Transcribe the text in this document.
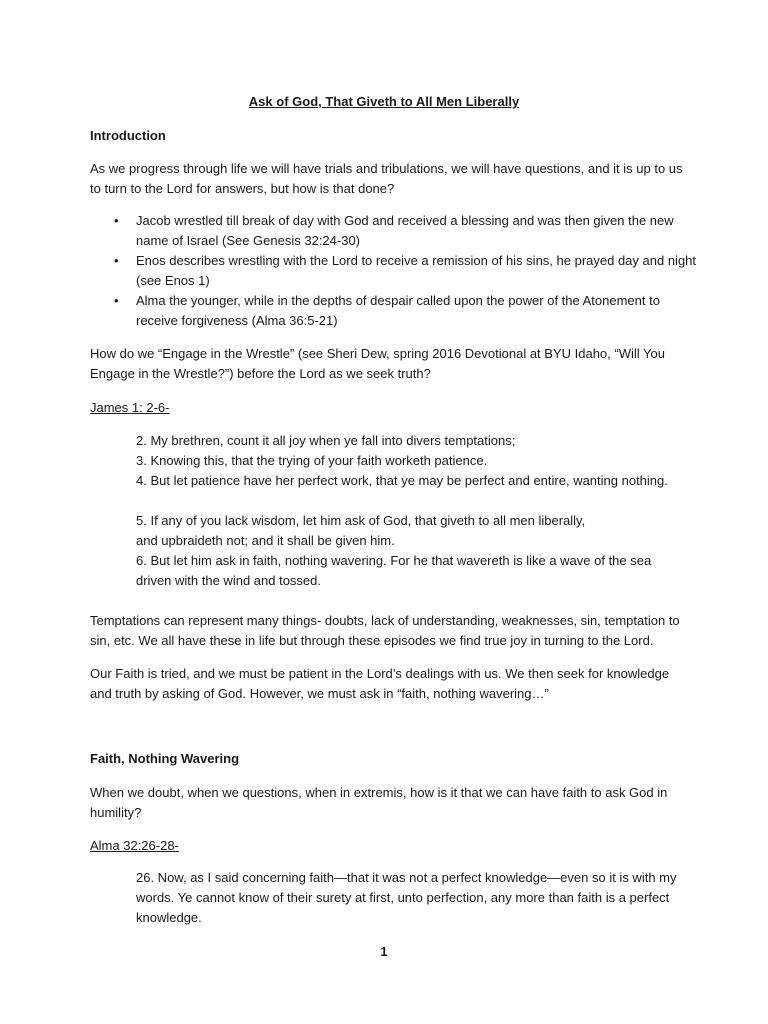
Ask of God, That Giveth to All Men Liberally
Introduction
As we progress through life we will have trials and tribulations, we will have questions, and it is up to us
to turn to the Lord for answers, but how is that done?
• Jacob wrestled till break of day with God and received a blessing and was then given the new
name of Israel (See Genesis 32:24-30)
• Enos describes wrestling with the Lord to receive a remission of his sins, he prayed day and night
(see Enos 1)
• Alma the younger, while in the depths of despair called upon the power of the Atonement to
receive forgiveness (Alma 36:5-21)
How do we “Engage in the Wrestle” (see Sheri Dew, spring 2016 Devotional at BYU Idaho, “Will You
Engage in the Wrestle?”) before the Lord as we seek truth?
James 1: 2-6-
2. My brethren, count it all joy when ye fall into divers temptations;
3. Knowing this, that the trying of your faith worketh patience.
4. But let patience have her perfect work, that ye may be perfect and entire, wanting nothing.
5. If any of you lack wisdom, let him ask of God, that giveth to all men liberally,
and upbraideth not; and it shall be given him.
6. But let him ask in faith, nothing wavering. For he that wavereth is like a wave of the sea
driven with the wind and tossed.
Temptations can represent many things- doubts, lack of understanding, weaknesses, sin, temptation to
sin, etc. We all have these in life but through these episodes we find true joy in turning to the Lord.
Our Faith is tried, and we must be patient in the Lord’s dealings with us. We then seek for knowledge
and truth by asking of God. However, we must ask in “faith, nothing wavering…”
Faith, Nothing Wavering
When we doubt, when we questions, when in extremis, how is it that we can have faith to ask God in
humility?
Alma 32:26-28-
26. Now, as I said concerning faith—that it was not a perfect knowledge—even so it is with my
words. Ye cannot know of their surety at first, unto perfection, any more than faith is a perfect
knowledge.
1
